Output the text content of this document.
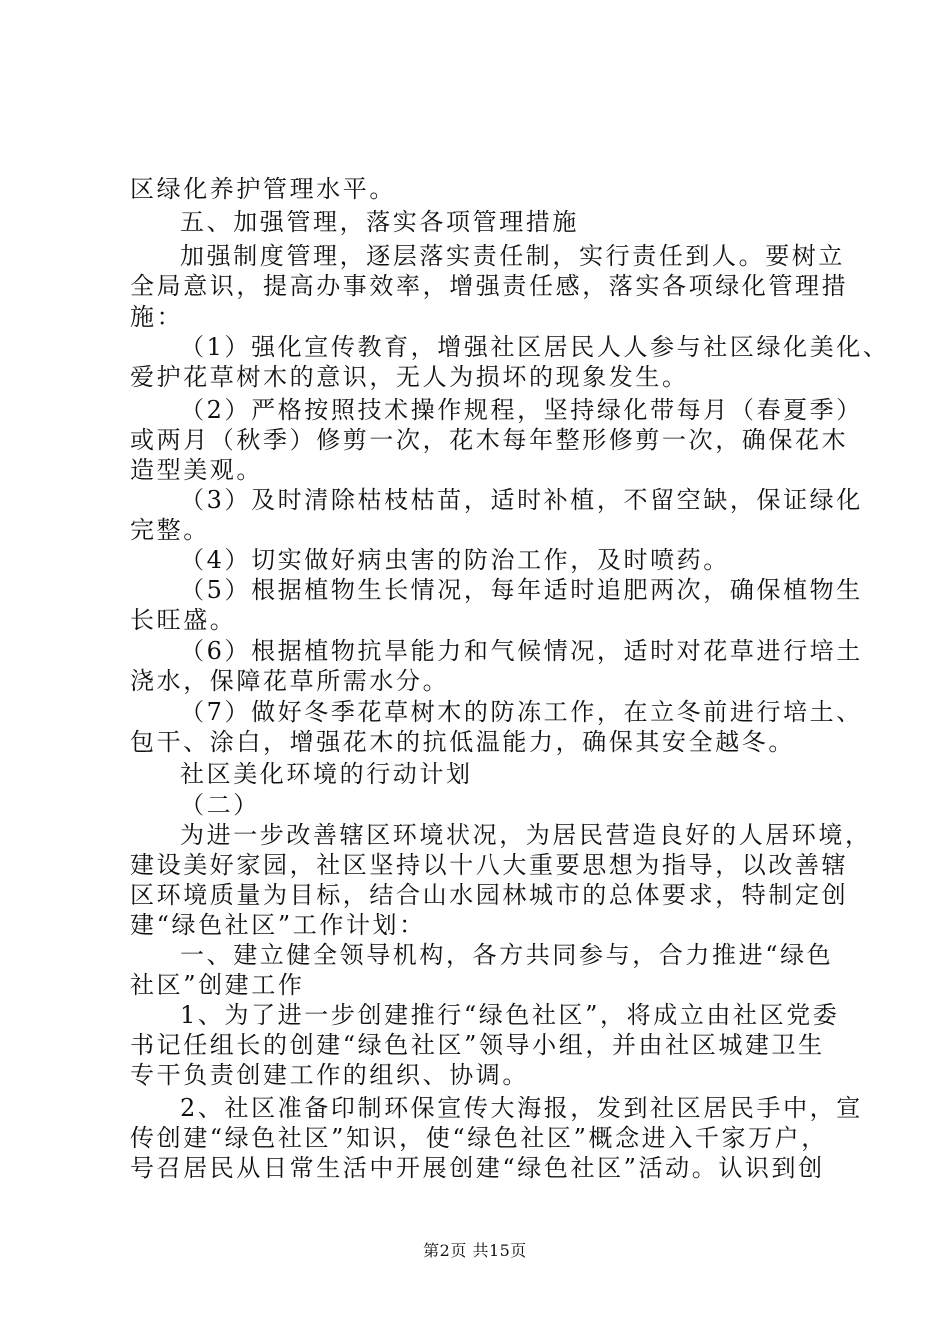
区绿化养护管理水平。
五、加强管理，落实各项管理措施
加强制度管理，逐层落实责任制，实行责任到人。要树立
全局意识，提高办事效率，增强责任感，落实各项绿化管理措
施：
（1）强化宣传教育，增强社区居民人人参与社区绿化美化、
爱护花草树木的意识，无人为损坏的现象发生。
（2）严格按照技术操作规程，坚持绿化带每月（春夏季）
或两月（秋季）修剪一次，花木每年整形修剪一次，确保花木
造型美观。
（3）及时清除枯枝枯苗，适时补植，不留空缺，保证绿化
完整。
（4）切实做好病虫害的防治工作，及时喷药。
（5）根据植物生长情况，每年适时追肥两次，确保植物生
长旺盛。
（6）根据植物抗旱能力和气候情况，适时对花草进行培土
浇水，保障花草所需水分。
（7）做好冬季花草树木的防冻工作，在立冬前进行培土、
包干、涂白，增强花木的抗低温能力，确保其安全越冬。
社区美化环境的行动计划
（二）
为进一步改善辖区环境状况，为居民营造良好的人居环境，
建设美好家园，社区坚持以十八大重要思想为指导，以改善辖
区环境质量为目标，结合山水园林城市的总体要求，特制定创
建“绿色社区”工作计划：
一、建立健全领导机构，各方共同参与，合力推进“绿色
社区”创建工作
1、为了进一步创建推行“绿色社区”，将成立由社区党委
书记任组长的创建“绿色社区”领导小组，并由社区城建卫生
专干负责创建工作的组织、协调。
2、社区准备印制环保宣传大海报，发到社区居民手中，宣
传创建“绿色社区”知识，使“绿色社区”概念进入千家万户，
号召居民从日常生活中开展创建“绿色社区”活动。认识到创
第2页 共15页
